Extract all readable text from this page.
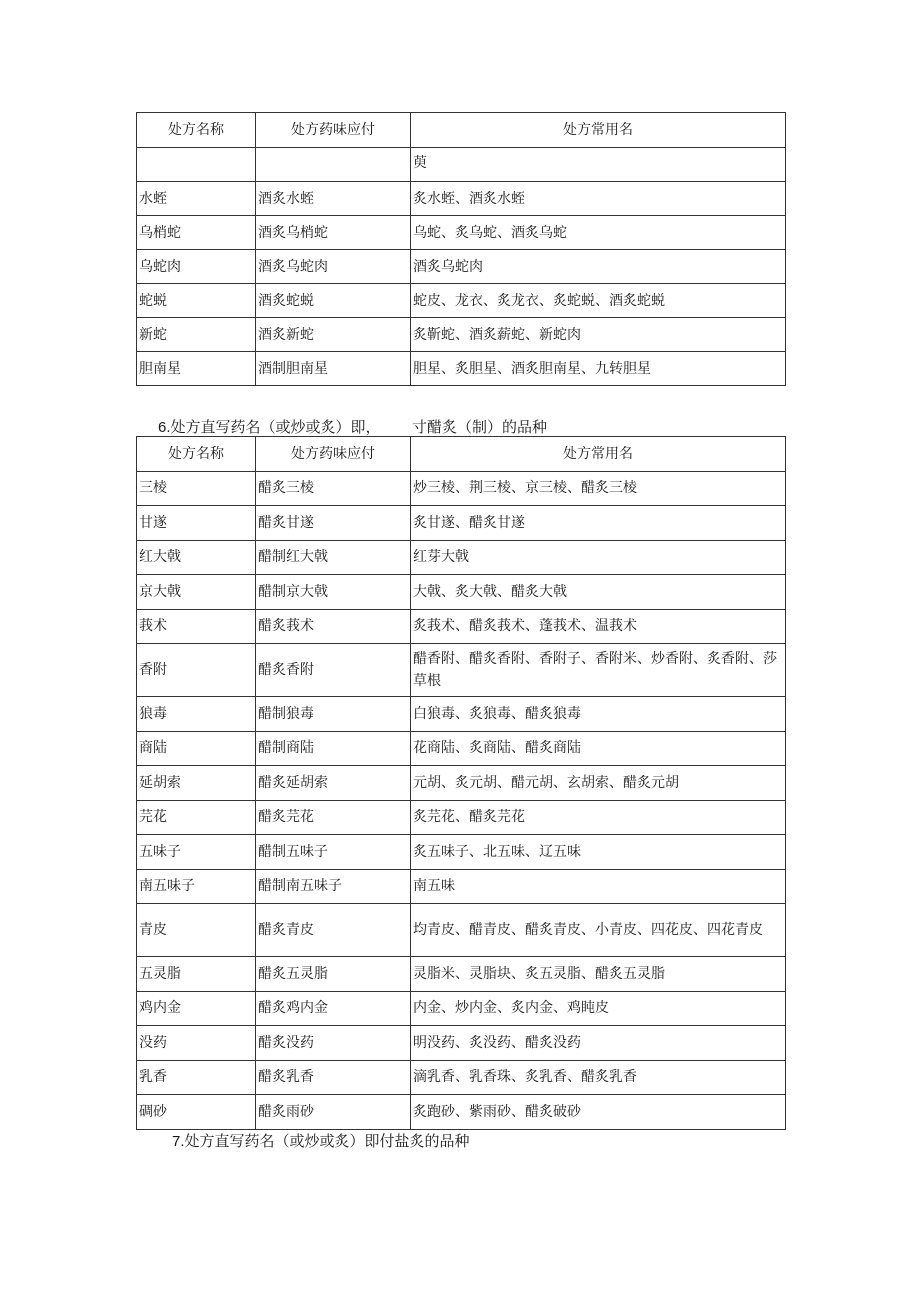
处方名称	处方药味应付	处方常用名
		萸
水蛭	酒炙水蛭	炙水蛭、酒炙水蛭
乌梢蛇	酒炙乌梢蛇	乌蛇、炙乌蛇、酒炙乌蛇
乌蛇肉	酒炙乌蛇肉	酒炙乌蛇肉
蛇蜕	酒炙蛇蜕	蛇皮、龙衣、炙龙衣、炙蛇蜕、酒炙蛇蜕
新蛇	酒炙新蛇	炙靳蛇、酒炙薪蛇、新蛇肉
胆南星	酒制胆南星	胆星、炙胆星、酒炙胆南星、九转胆星
6.处方直写药名（或炒或炙）即， 寸醋炙（制）的品种
处方名称	处方药味应付	处方常用名
三棱	醋炙三棱	炒三棱、荆三棱、京三棱、醋炙三棱
甘遂	醋炙甘遂	炙甘遂、醋炙甘遂
红大戟	醋制红大戟	红芽大戟
京大戟	醋制京大戟	大戟、炙大戟、醋炙大戟
莪术	醋炙莪术	炙莪术、醋炙莪术、蓬莪术、温莪术
香附	醋炙香附	醋香附、醋炙香附、香附子、香附米、炒香附、炙香附、莎草根
狼毒	醋制狼毒	白狼毒、炙狼毒、醋炙狼毒
商陆	醋制商陆	花商陆、炙商陆、醋炙商陆
延胡索	醋炙延胡索	元胡、炙元胡、醋元胡、玄胡索、醋炙元胡
芫花	醋炙芫花	炙芫花、醋炙芫花
五味子	醋制五味子	炙五味子、北五味、辽五味
南五味子	醋制南五味子	南五味
青皮	醋炙青皮	均青皮、醋青皮、醋炙青皮、小青皮、四花皮、四花青皮
五灵脂	醋炙五灵脂	灵脂米、灵脂块、炙五灵脂、醋炙五灵脂
鸡内金	醋炙鸡内金	内金、炒内金、炙内金、鸡盹皮
没药	醋炙没药	明没药、炙没药、醋炙没药
乳香	醋炙乳香	滴乳香、乳香珠、炙乳香、醋炙乳香
碉砂	醋炙雨砂	炙跑砂、紫雨砂、醋炙破砂
7.处方直写药名（或炒或炙）即付盐炙的品种
